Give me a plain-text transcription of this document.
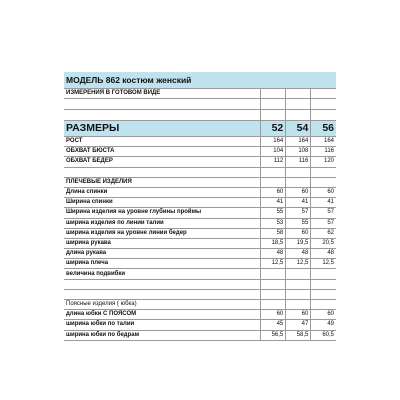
МОДЕЛЬ 862 костюм женский			
ИЗМЕРЕНИЯ В ГОТОВОМ ВИДЕ			

РАЗМЕРЫ	52	54	56
РОСТ	164	164	164
ОБХВАТ БЮСТА	104	108	116
ОБХВАТ БЕДЕР	112	116	120

ПЛЕЧЕВЫЕ ИЗДЕЛИЯ			
Длина спинки	60	60	60
Ширина спинки	41	41	41
Ширина изделия на уровне глубины проймы	55	57	57
ширина изделия по линии талии	53	55	57
ширина изделия на уровне линии бедер	58	60	62
ширина рукава	18,5	19,5	20,5
длина рукава	48	48	48
ширина плеча	12,5	12,5	12,5
величина подвибки			

Поясные изделия ( юбка)			
длина юбки С ПОЯСОМ	60	60	60
ширина юбки по талии	45	47	49
ширина юбки по бедрам	56,5	58,5	60,5
